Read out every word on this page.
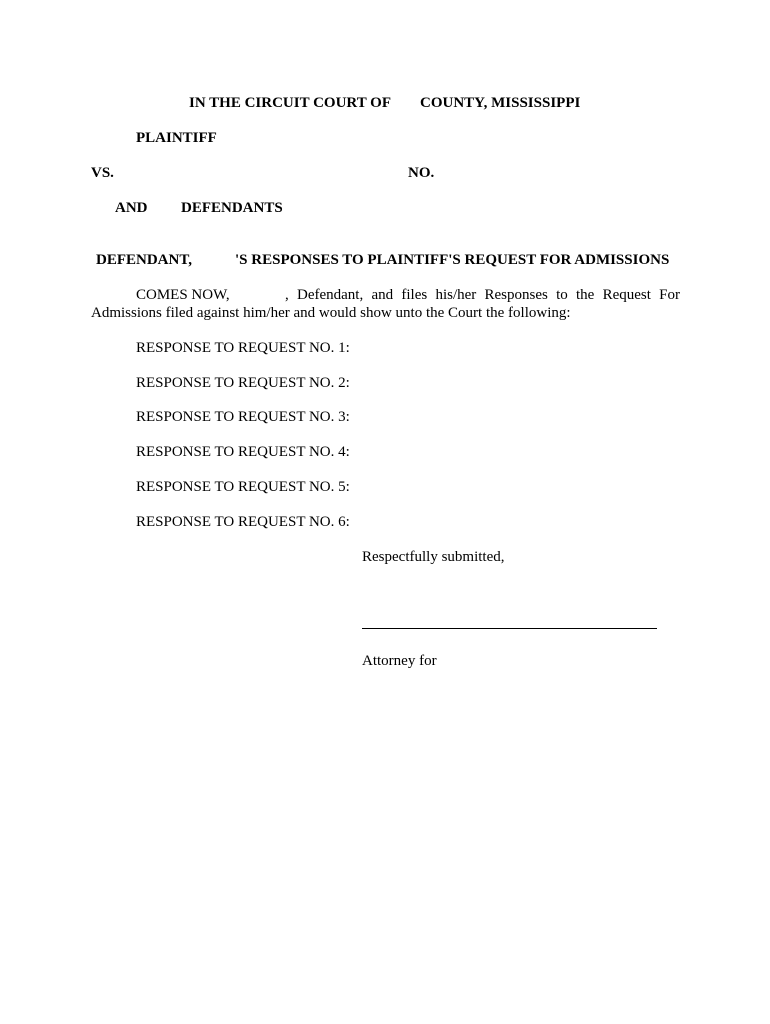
IN THE CIRCUIT COURT OF COUNTY, MISSISSIPPI
PLAINTIFF
VS.	NO.
AND DEFENDANTS
DEFENDANT,	'S RESPONSES TO PLAINTIFF'S REQUEST FOR ADMISSIONS
COMES NOW,	, Defendant, and files his/her Responses to the Request For
Admissions filed against him/her and would show unto the Court the following:
RESPONSE TO REQUEST NO. 1:
RESPONSE TO REQUEST NO. 2:
RESPONSE TO REQUEST NO. 3:
RESPONSE TO REQUEST NO. 4:
RESPONSE TO REQUEST NO. 5:
RESPONSE TO REQUEST NO. 6:
Respectfully submitted,
Attorney for
